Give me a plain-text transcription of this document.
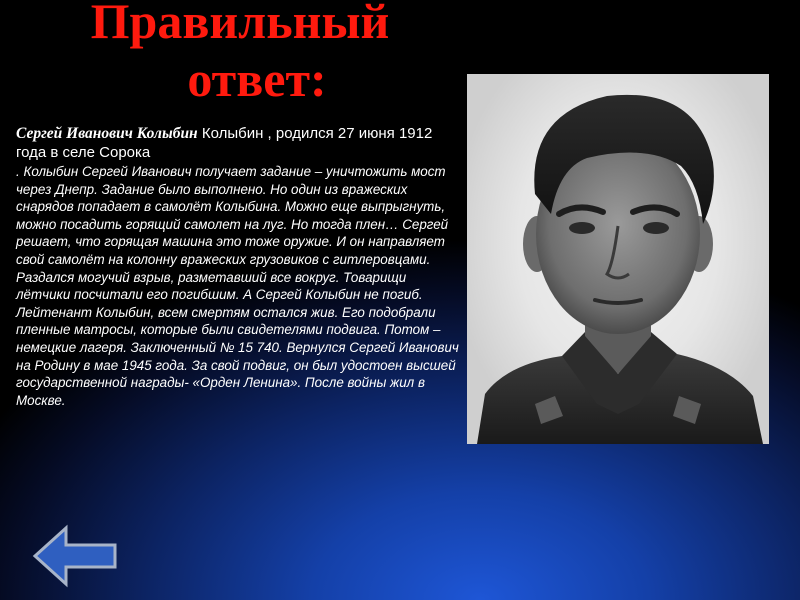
Правильный
ответ:
Сергей Иванович Колыбин Колыбин , родился 27 июня 1912 года в селе Сорока
. Колыбин Сергей Иванович получает задание – уничтожить мост через Днепр. Задание было выполнено. Но один из вражеских снарядов попадает в самолёт Колыбина. Можно еще выпрыгнуть, можно посадить горящий самолет на луг. Но тогда плен… Сергей решает, что горящая машина это тоже оружие. И он направляет свой самолёт на колонну вражеских грузовиков с гитлеровцами. Раздался могучий взрыв, разметавший все вокруг. Товарищи лётчики посчитали его погибшим. А Сергей Колыбин не погиб.
Лейтенант Колыбин, всем смертям остался жив. Его подобрали пленные матросы, которые были свидетелями подвига. Потом – немецкие лагеря. Заключенный № 15 740. Вернулся Сергей Иванович на Родину в мае 1945 года. За свой подвиг, он был удостоен высшей государственной награды- «Орден Ленина». После войны жил в Москве.
